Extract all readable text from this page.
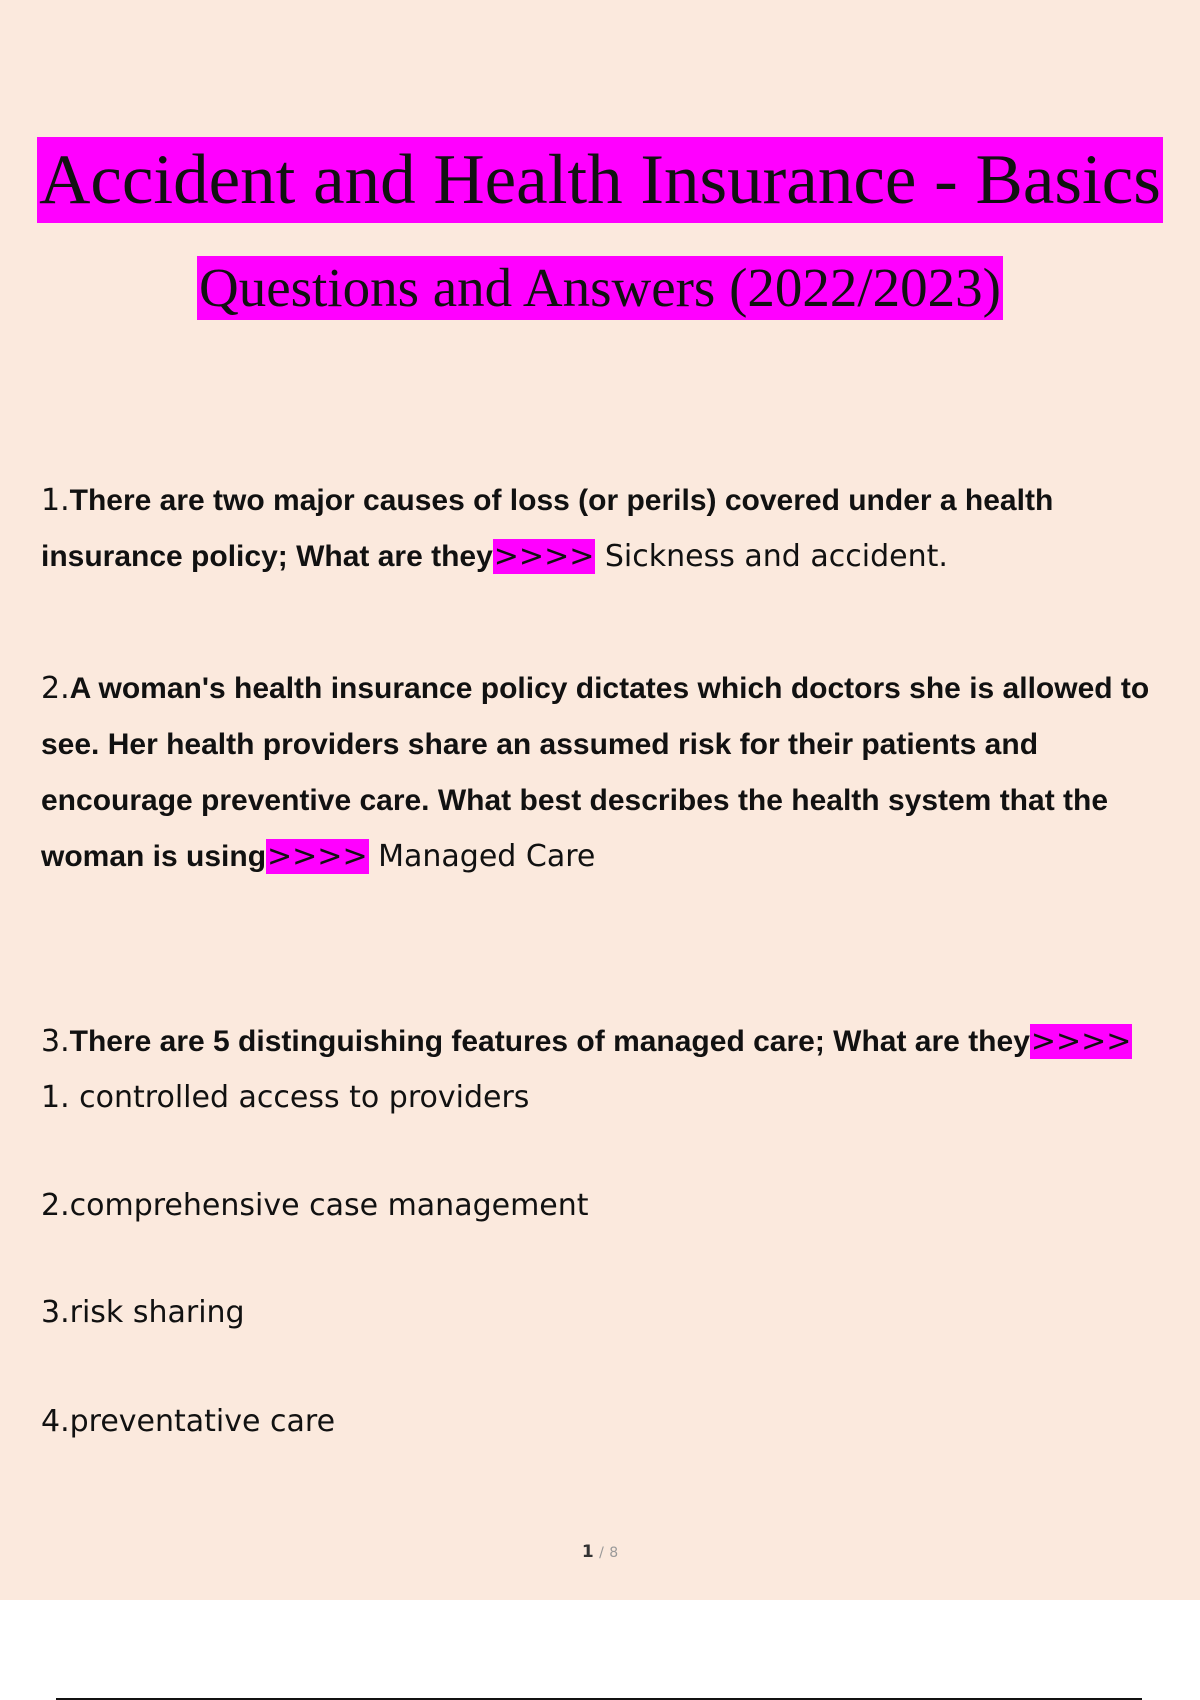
Accident and Health Insurance - Basics
Questions and Answers (2022/2023)
1.There are two major causes of loss (or perils) covered under a health insurance policy; What are they>>>> Sickness and accident.
2.A woman's health insurance policy dictates which doctors she is allowed to see. Her health providers share an assumed risk for their patients and encourage preventive care. What best describes the health system that the woman is using>>>> Managed Care
3.There are 5 distinguishing features of managed care; What are they>>>> 1. controlled access to providers
2.comprehensive case management
3.risk sharing
4.preventative care
1 / 8
